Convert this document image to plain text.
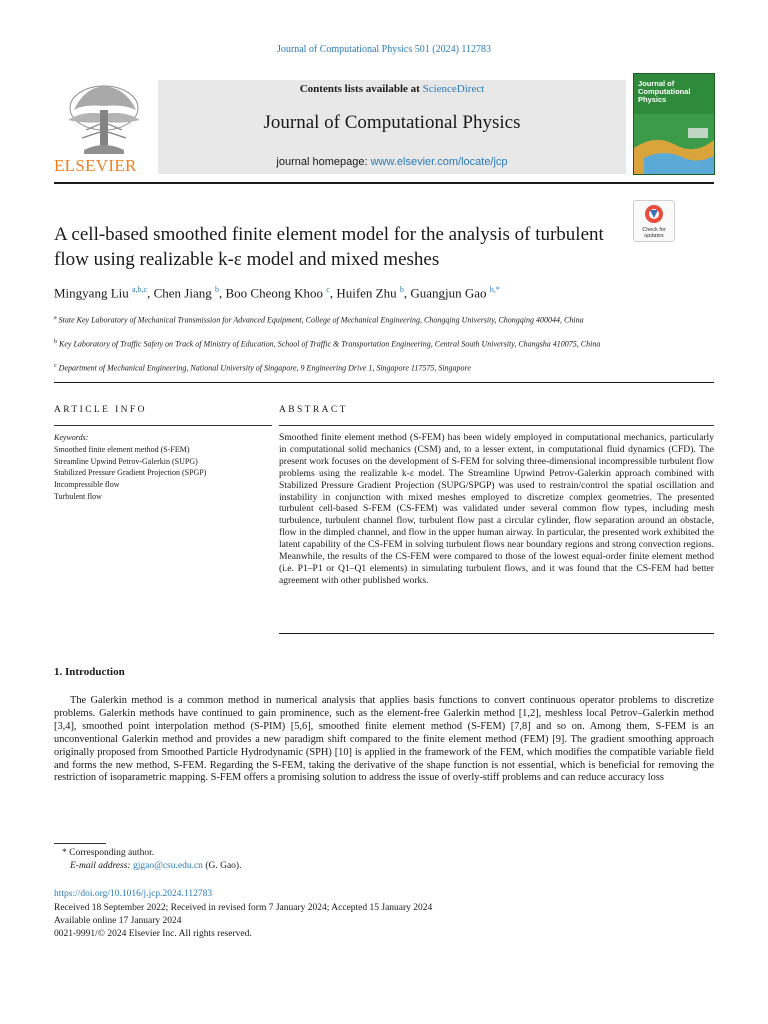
Journal of Computational Physics 501 (2024) 112783
ELSEVIER
Contents lists available at ScienceDirect
Journal of Computational Physics
journal homepage: www.elsevier.com/locate/jcp
Journal of Computational Physics
Check for updates
A cell-based smoothed finite element model for the analysis of turbulent flow using realizable k-ε model and mixed meshes
Mingyang Liu $^{a,b,c}$, Chen Jiang $^b$, Boo Cheong Khoo $^c$, Huifen Zhu $^b$, Guangjun Gao $^{b,*}$
$^a$ State Key Laboratory of Mechanical Transmission for Advanced Equipment, College of Mechanical Engineering, Chongqing University, Chongqing 400044, China
$^b$ Key Laboratory of Traffic Safety on Track of Ministry of Education, School of Traffic & Transportation Engineering, Central South University, Changsha 410075, China
$^c$ Department of Mechanical Engineering, National University of Singapore, 9 Engineering Drive 1, Singapore 117575, Singapore
ARTICLE INFO
Keywords:
Smoothed finite element method (S-FEM)
Streamline Upwind Petrov-Galerkin (SUPG)
Stabilized Pressure Gradient Projection (SPGP)
Incompressible flow
Turbulent flow
ABSTRACT
Smoothed finite element method (S-FEM) has been widely employed in computational mechanics, particularly in computational solid mechanics (CSM) and, to a lesser extent, in computational fluid dynamics (CFD). The present work focuses on the development of S-FEM for solving three-dimensional incompressible turbulent flow problems using the realizable k-ε model. The Streamline Upwind Petrov-Galerkin approach combined with Stabilized Pressure Gradient Projection (SUPG/SPGP) was used to restrain/control the spatial oscillation and instability in conjunction with mixed meshes employed to discretize complex geometries. The presented turbulent cell-based S-FEM (CS-FEM) was validated under several common flow types, including mesh turbulence, turbulent channel flow, turbulent flow past a circular cylinder, flow separation around an obstacle, flow in the dimpled channel, and flow in the upper human airway. In particular, the presented work exhibited the latent capability of the CS-FEM in solving turbulent flows near boundary regions and strong convection regions. Meanwhile, the results of the CS-FEM were compared to those of the lowest equal-order finite element method (i.e. P1–P1 or Q1–Q1 elements) in simulating turbulent flows, and it was found that the CS-FEM had better agreement with other published works.
1. Introduction
The Galerkin method is a common method in numerical analysis that applies basis functions to convert continuous operator problems to discretize problems. Galerkin methods have continued to gain prominence, such as the element-free Galerkin method [1,2], meshless local Petrov–Galerkin method [3,4], smoothed point interpolation method (S-PIM) [5,6], smoothed finite element method (S-FEM) [7,8] and so on. Among them, S-FEM is an unconventional Galerkin method and provides a new paradigm shift compared to the finite element method (FEM) [9]. The gradient smoothing approach originally proposed from Smoothed Particle Hydrodynamic (SPH) [10] is applied in the framework of the FEM, which modifies the compatible variable field and forms the new method, S-FEM. Regarding the S-FEM, taking the derivative of the shape function is not essential, which is beneficial for removing the restriction of isoparametric mapping. S-FEM offers a promising solution to address the issue of overly-stiff problems and can reduce accuracy loss
* Corresponding author.
E-mail address: gjgao@csu.edu.cn (G. Gao).
https://doi.org/10.1016/j.jcp.2024.112783
Received 18 September 2022; Received in revised form 7 January 2024; Accepted 15 January 2024
Available online 17 January 2024
0021-9991/© 2024 Elsevier Inc. All rights reserved.
